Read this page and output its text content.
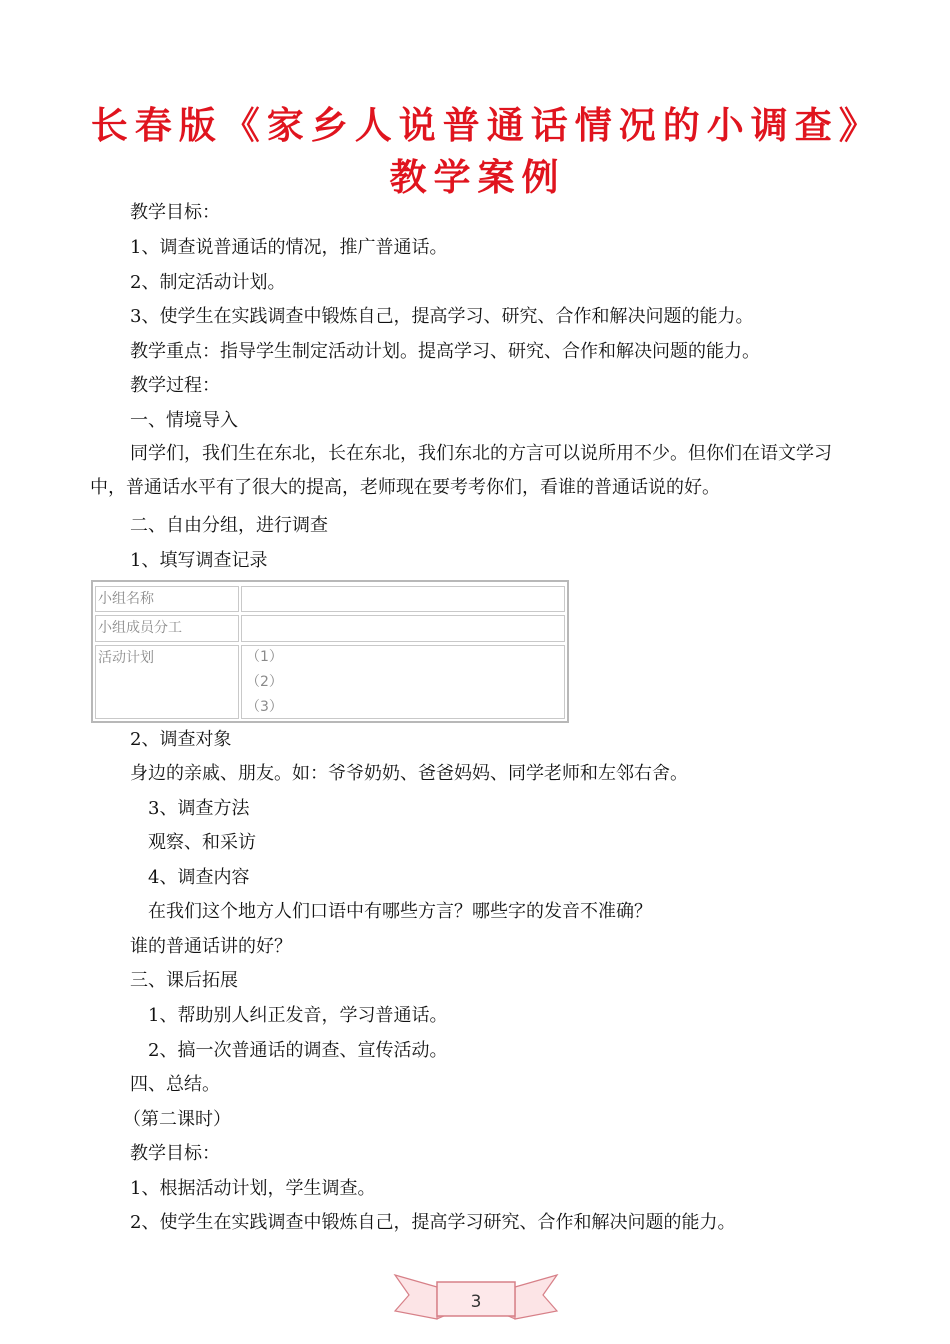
长春版《家乡人说普通话情况的小调查》教学案例
教学目标：
1、调查说普通话的情况，推广普通话。
2、制定活动计划。
3、使学生在实践调查中锻炼自己，提高学习、研究、合作和解决问题的能力。
教学重点：指导学生制定活动计划。提高学习、研究、合作和解决问题的能力。
教学过程：
一、情境导入
同学们，我们生在东北，长在东北，我们东北的方言可以说所用不少。但你们在语文学习中，普通话水平有了很大的提高，老师现在要考考你们，看谁的普通话说的好。
二、自由分组，进行调查
1、填写调查记录
小组名称
小组成员分工
活动计划	（1）
（2）
（3）
2、调查对象
身边的亲戚、朋友。如：爷爷奶奶、爸爸妈妈、同学老师和左邻右舍。
3、调查方法
观察、和采访
4、调查内容
在我们这个地方人们口语中有哪些方言？哪些字的发音不准确？
谁的普通话讲的好？
三、课后拓展
1、帮助别人纠正发音，学习普通话。
2、搞一次普通话的调查、宣传活动。
四、总结。
（第二课时）
教学目标：
1、根据活动计划，学生调查。
2、使学生在实践调查中锻炼自己，提高学习研究、合作和解决问题的能力。
3
